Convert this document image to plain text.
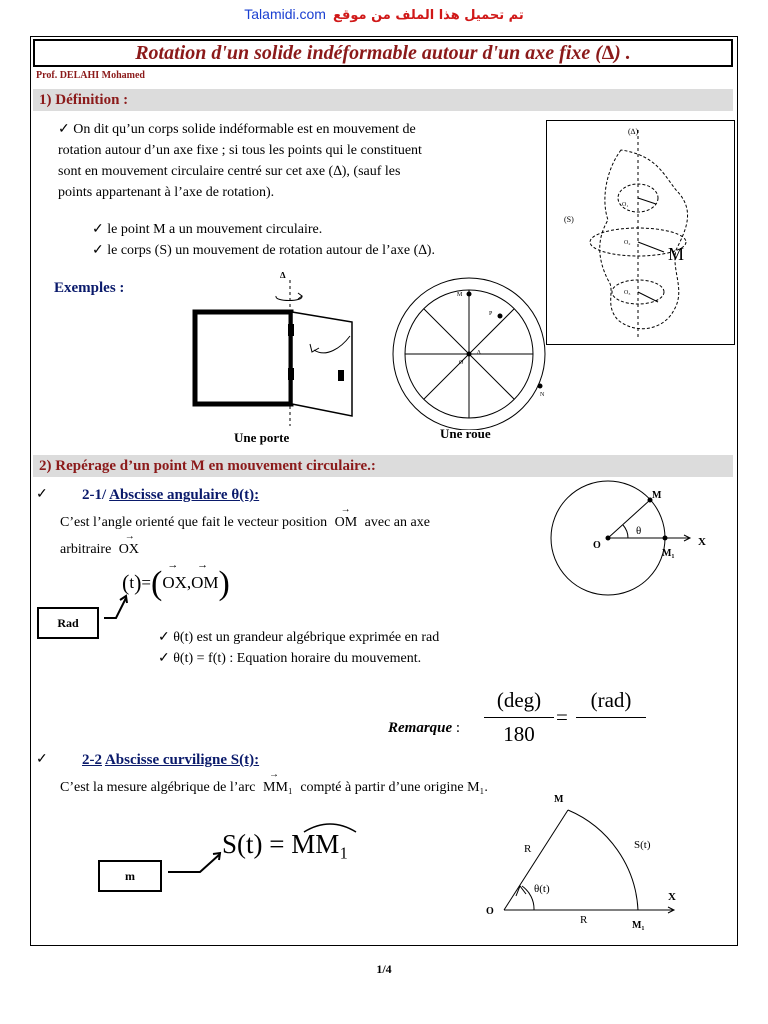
Talamidi.com تم تحميل هذا الملف من موقع
Rotation d'un solide indéformable autour d'un axe fixe (∆) .
Prof. DELAHI Mohamed
1) Définition :
✓ On dit qu’un corps solide indéformable est en mouvement de
rotation autour d’un axe fixe ; si tous les points qui le constituent
sont en mouvement circulaire centré sur cet axe (∆), (sauf les
points appartenant à l’axe de rotation).
✓ le point M a un mouvement circulaire.
✓ le corps (S) un mouvement de rotation autour de l’axe (∆).
(∆)
(S)
O₁
O₂
O₃
M
Exemples :
∆
Une porte
M
P
O
∆
N
Une roue
2) Repérage d’un point M en mouvement circulaire.:
✓ 2-1/ Abscisse angulaire θ(t):
C’est l’angle orienté que fait le vecteur position
→
OM avec an axe
arbitraire
→
OX
(t)=( →
OX,
→
OM)
Rad
✓ θ(t) est un grandeur algébrique exprimée en rad
✓ θ(t) = f(t) : Equation horaire du mouvement.
Remarque :
(deg)
180
=
(rad)
✓ 2-2 Abscisse curviligne S(t):
C’est la mesure algébrique de l’arc
→
MM₁ compté à partir d’une origine M₁.
S(t) = MM₁
m
θ
M
O
M₁
X
M
R	S(t)
θ(t)
O
R	M₁
X
1/4
